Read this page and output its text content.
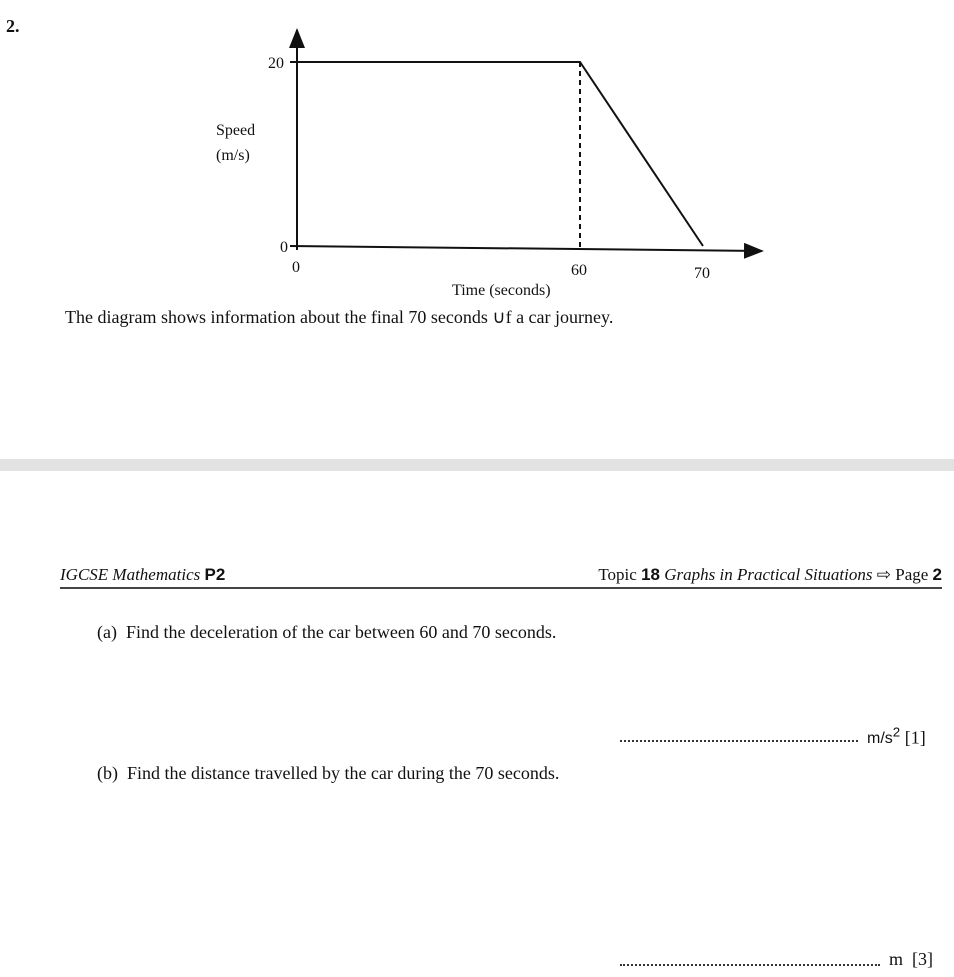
2.
20
0
0	60	70
Time (seconds)
Speed
(m/s)
The diagram shows information about the final 70 seconds ∪f a car journey.
IGCSE Mathematics P2	Topic 18 Graphs in Practical Situations ⇨ Page 2
(a) Find the deceleration of the car between 60 and 70 seconds.
$m/s^2$ [1]
(b) Find the distance travelled by the car during the 70 seconds.
m [3]
